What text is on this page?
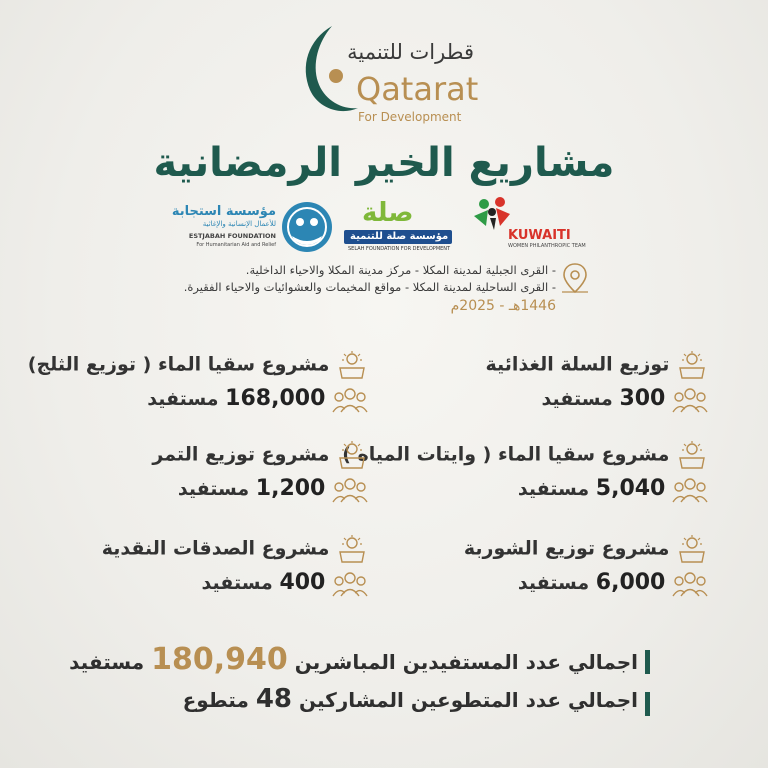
قطرات للتنمية
Qatarat
For Development
مشاريع الخير الرمضانية
KUWAITI
WOMEN PHILANTHROPIC TEAM
صلة
مؤسسة صلة للتنمية
SELAH FOUNDATION FOR DEVELOPMENT
مؤسسة استجابة
للأعمال الإنسانية والإغاثية
ESTJABAH FOUNDATION
For Humanitarian Aid and Relief
- القرى الجبلية لمدينة المكلا - مركز مدينة المكلا والاحياء الداخلية.
- القرى الساحلية لمدينة المكلا - مواقع المخيمات والعشوائيات والاحياء الفقيرة.
1446هـ - 2025م
توزيع السلة الغذائية
300 مستفيد
مشروع سقيا الماء ( توزيع الثلج)
168,000 مستفيد
مشروع سقيا الماء ( وايتات المياه )
5,040 مستفيد
مشروع توزيع التمر
1,200 مستفيد
مشروع توزيع الشوربة
6,000 مستفيد
مشروع الصدقات النقدية
400 مستفيد
اجمالي عدد المستفيدين المباشرين 180,940 مستفيد
اجمالي عدد المتطوعين المشاركين 48 متطوع
